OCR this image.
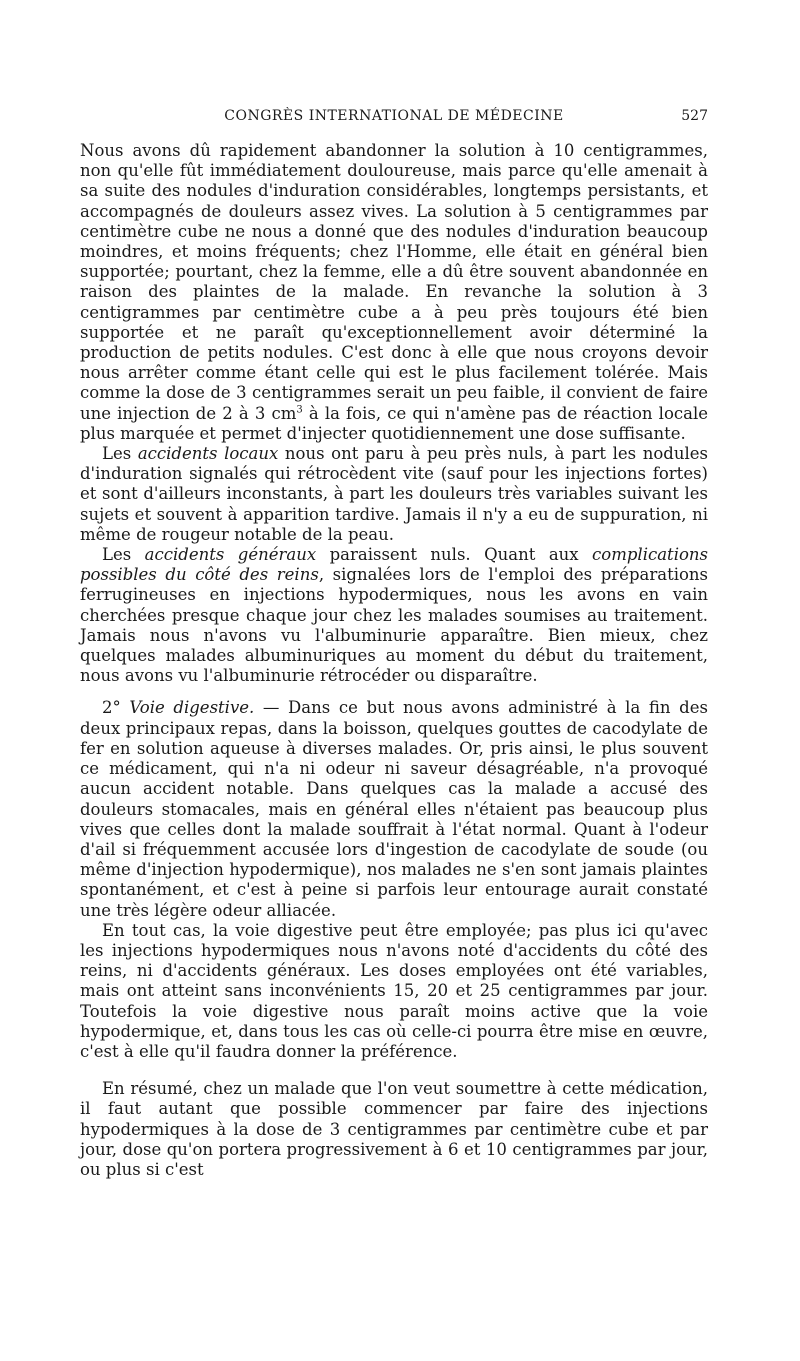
CONGRÈS INTERNATIONAL DE MÉDECINE	527

Nous avons dû rapidement abandonner la solution à 10 centigrammes, non qu'elle fût immédiatement douloureuse, mais parce qu'elle amenait à sa suite des nodules d'induration considérables, longtemps persistants, et accompagnés de douleurs assez vives. La solution à 5 centigrammes par centimètre cube ne nous a donné que des nodules d'induration beaucoup moindres, et moins fréquents; chez l'Homme, elle était en général bien supportée; pourtant, chez la femme, elle a dû être souvent abandonnée en raison des plaintes de la malade. En revanche la solution à 3 centigrammes par centimètre cube a à peu près toujours été bien supportée et ne paraît qu'exceptionnellement avoir déterminé la production de petits nodules. C'est donc à elle que nous croyons devoir nous arrêter comme étant celle qui est le plus facilement tolérée. Mais comme la dose de 3 centigrammes serait un peu faible, il convient de faire une injection de 2 à 3 $cm^3$ à la fois, ce qui n'amène pas de réaction locale plus marquée et permet d'injecter quotidiennement une dose suffisante.

Les accidents locaux nous ont paru à peu près nuls, à part les nodules d'induration signalés qui rétrocèdent vite (sauf pour les injections fortes) et sont d'ailleurs inconstants, à part les douleurs très variables suivant les sujets et souvent à apparition tardive. Jamais il n'y a eu de suppuration, ni même de rougeur notable de la peau.

Les accidents généraux paraissent nuls. Quant aux complications possibles du côté des reins, signalées lors de l'emploi des préparations ferrugineuses en injections hypodermiques, nous les avons en vain cherchées presque chaque jour chez les malades soumises au traitement. Jamais nous n'avons vu l'albuminurie apparaître. Bien mieux, chez quelques malades albuminuriques au moment du début du traitement, nous avons vu l'albuminurie rétrocéder ou disparaître.

2° Voie digestive. — Dans ce but nous avons administré à la fin des deux principaux repas, dans la boisson, quelques gouttes de cacodylate de fer en solution aqueuse à diverses malades. Or, pris ainsi, le plus souvent ce médicament, qui n'a ni odeur ni saveur désagréable, n'a provoqué aucun accident notable. Dans quelques cas la malade a accusé des douleurs stomacales, mais en général elles n'étaient pas beaucoup plus vives que celles dont la malade souffrait à l'état normal. Quant à l'odeur d'ail si fréquemment accusée lors d'ingestion de cacodylate de soude (ou même d'injection hypodermique), nos malades ne s'en sont jamais plaintes spontanément, et c'est à peine si parfois leur entourage aurait constaté une très légère odeur alliacée.

En tout cas, la voie digestive peut être employée; pas plus ici qu'avec les injections hypodermiques nous n'avons noté d'accidents du côté des reins, ni d'accidents généraux. Les doses employées ont été variables, mais ont atteint sans inconvénients 15, 20 et 25 centigrammes par jour. Toutefois la voie digestive nous paraît moins active que la voie hypodermique, et, dans tous les cas où celle-ci pourra être mise en œuvre, c'est à elle qu'il faudra donner la préférence.

En résumé, chez un malade que l'on veut soumettre à cette médication, il faut autant que possible commencer par faire des injections hypodermiques à la dose de 3 centigrammes par centimètre cube et par jour, dose qu'on portera progressivement à 6 et 10 centigrammes par jour, ou plus si c'est
